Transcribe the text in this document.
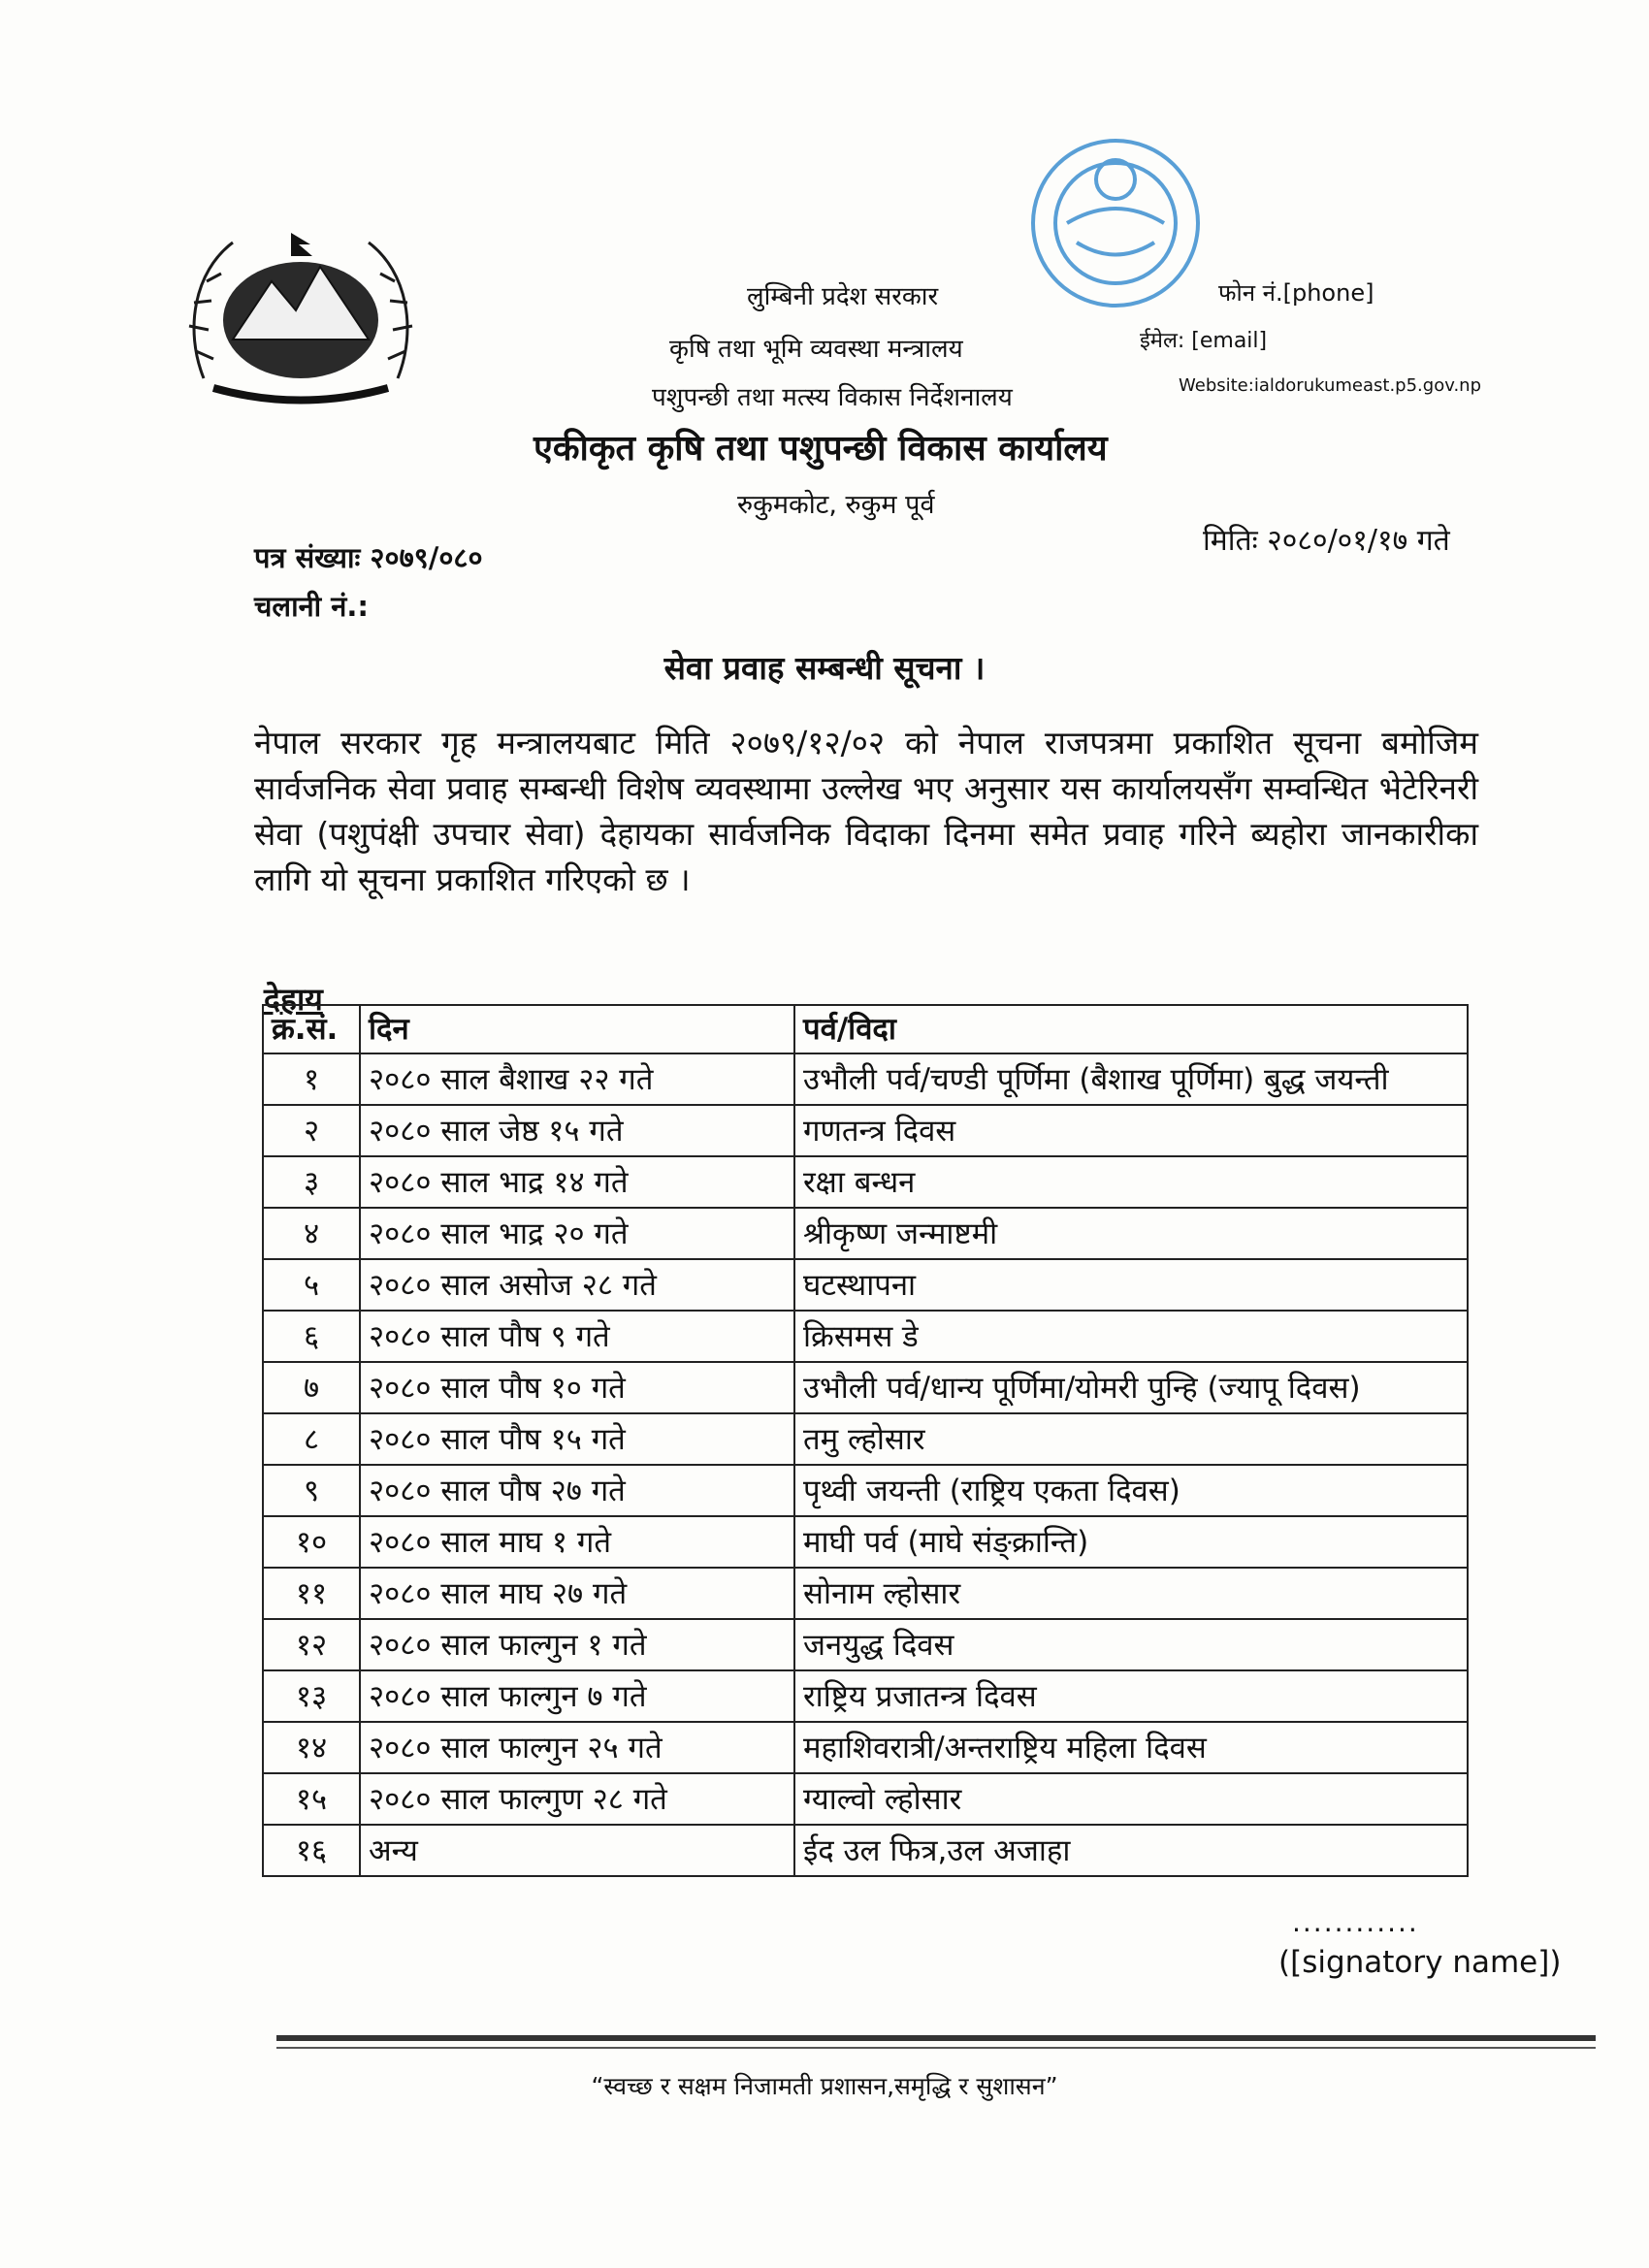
लुम्बिनी प्रदेश सरकार
कृषि तथा भूमि व्यवस्था मन्त्रालय
पशुपन्छी तथा मत्स्य विकास निर्देशनालय
एकीकृत कृषि तथा पशुपन्छी विकास कार्यालय
रुकुमकोट, रुकुम पूर्व
फोन नं.[phone]
ईमेल: [email]
Website:ialdorukumeast.p5.gov.np
मितिः २०८०/०१/१७ गते
पत्र संख्याः २०७९/०८०
चलानी नं.:
सेवा प्रवाह सम्बन्धी सूचना ।
नेपाल सरकार गृह मन्त्रालयबाट मिति २०७९/१२/०२ को नेपाल राजपत्रमा प्रकाशित सूचना बमोजिम सार्वजनिक सेवा प्रवाह सम्बन्धी विशेष व्यवस्थामा उल्लेख भए अनुसार यस कार्यालयसँग सम्वन्धित भेटेरिनरी सेवा (पशुपंक्षी उपचार सेवा) देहायका सार्वजनिक विदाका दिनमा समेत प्रवाह गरिने ब्यहोरा जानकारीका लागि यो सूचना प्रकाशित गरिएको छ ।
देहाय
क्र.सं.	दिन	पर्व/विदा
१	२०८० साल बैशाख २२ गते	उभौली पर्व/चण्डी पूर्णिमा (बैशाख पूर्णिमा) बुद्ध जयन्ती
२	२०८० साल जेष्ठ १५ गते	गणतन्त्र दिवस
३	२०८० साल भाद्र १४ गते	रक्षा बन्धन
४	२०८० साल भाद्र २० गते	श्रीकृष्ण जन्माष्टमी
५	२०८० साल असोज २८ गते	घटस्थापना
६	२०८० साल पौष ९ गते	क्रिसमस डे
७	२०८० साल पौष १० गते	उभौली पर्व/धान्य पूर्णिमा/योमरी पुन्हि (ज्यापू दिवस)
८	२०८० साल पौष १५ गते	तमु ल्होसार
९	२०८० साल पौष २७ गते	पृथ्वी जयन्ती (राष्ट्रिय एकता दिवस)
१०	२०८० साल माघ १ गते	माघी पर्व (माघे संङ्क्रान्ति)
११	२०८० साल माघ २७ गते	सोनाम ल्होसार
१२	२०८० साल फाल्गुन १ गते	जनयुद्ध दिवस
१३	२०८० साल फाल्गुन ७ गते	राष्ट्रिय प्रजातन्त्र दिवस
१४	२०८० साल फाल्गुन २५ गते	महाशिवरात्री/अन्तराष्ट्रिय महिला दिवस
१५	२०८० साल फाल्गुण २८ गते	ग्याल्वो ल्होसार
१६	अन्य	ईद उल फित्र,उल अजाहा
............
([signatory name])
“स्वच्छ र सक्षम निजामती प्रशासन,समृद्धि र सुशासन”
